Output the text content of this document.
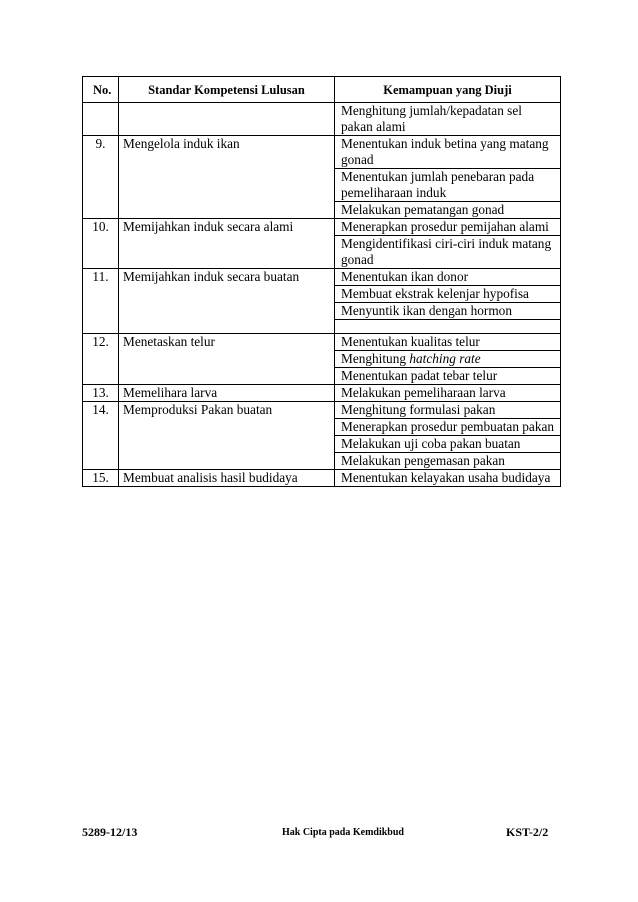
No.	Standar Kompetensi Lulusan	Kemampuan yang Diuji
		Menghitung jumlah/kepadatan sel pakan alami
9.	Mengelola induk ikan	Menentukan induk betina yang matang gonad
		Menentukan jumlah penebaran pada pemeliharaan induk
		Melakukan pematangan gonad
10.	Memijahkan induk secara alami	Menerapkan prosedur pemijahan alami
		Mengidentifikasi ciri-ciri induk matang gonad
11.	Memijahkan induk secara buatan	Menentukan ikan donor
		Membuat ekstrak kelenjar hypofisa
		Menyuntik ikan dengan hormon

12.	Menetaskan telur	Menentukan kualitas telur
		Menghitung hatching rate
		Menentukan padat tebar telur
13.	Memelihara larva	Melakukan pemeliharaan larva
14.	Memproduksi Pakan buatan	Menghitung formulasi pakan
		Menerapkan prosedur pembuatan pakan
		Melakukan uji coba pakan buatan
		Melakukan pengemasan pakan
15.	Membuat analisis hasil budidaya	Menentukan kelayakan usaha budidaya
5289-12/13	Hak Cipta pada Kemdikbud	KST-2/2
